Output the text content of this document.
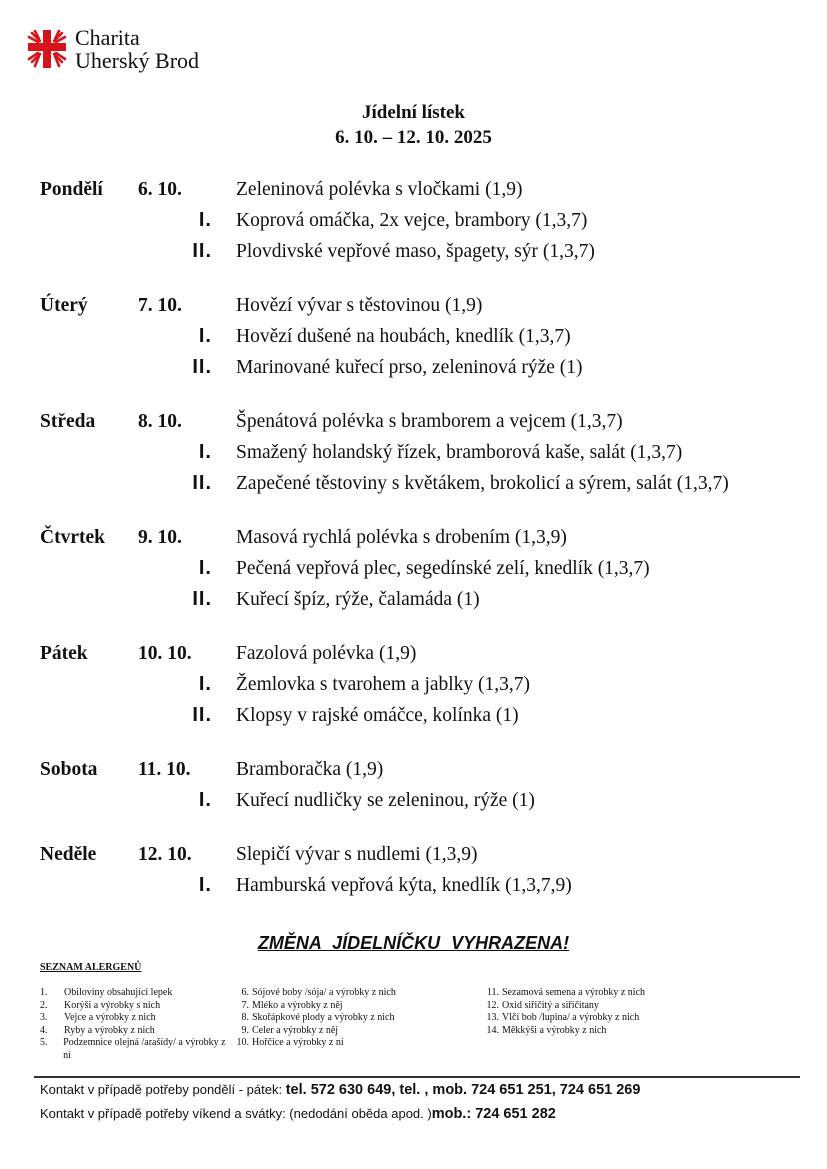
Charita
Uherský Brod
Jídelní lístek
6. 10. – 12. 10. 2025
Pondělí	6. 10.	Zeleninová polévka s vločkami (1,9)
I.	Koprová omáčka, 2x vejce, brambory (1,3,7)
II.	Plovdivské vepřové maso, špagety, sýr (1,3,7)
Úterý	7. 10.	Hovězí vývar s těstovinou (1,9)
I.	Hovězí dušené na houbách, knedlík (1,3,7)
II.	Marinované kuřecí prso, zeleninová rýže (1)
Středa	8. 10.	Špenátová polévka s bramborem a vejcem (1,3,7)
I.	Smažený holandský řízek, bramborová kaše, salát (1,3,7)
II.	Zapečené těstoviny s květákem, brokolicí a sýrem, salát (1,3,7)
Čtvrtek	9. 10.	Masová rychlá polévka s drobením (1,3,9)
I.	Pečená vepřová plec, segedínské zelí, knedlík (1,3,7)
II.	Kuřecí špíz, rýže, čalamáda (1)
Pátek	10. 10.	Fazolová polévka (1,9)
I.	Žemlovka s tvarohem a jablky (1,3,7)
II.	Klopsy v rajské omáčce, kolínka (1)
Sobota	11. 10.	Bramboračka (1,9)
I.	Kuřecí nudličky se zeleninou, rýže (1)
Neděle	12. 10.	Slepičí vývar s nudlemi (1,3,9)
I.	Hamburská vepřová kýta, knedlík (1,3,7,9)
ZMĚNA JÍDELNÍČKU VYHRAZENA!
SEZNAM ALERGENŮ
1.	Obiloviny obsahující lepek
2.	Korýši a výrobky s nich
3.	Vejce a výrobky z nich
4.	Ryby a výrobky z nich
5.	Podzemnice olejná /arašídy/ a výrobky z ní
6. Sójové boby /sója/ a výrobky z nich
7. Mléko a výrobky z něj
8. Skořápkové plody a výrobky z nich
9. Celer a výrobky z něj
10. Hořčice a výrobky z ní
11. Sezamová semena a výrobky z nich
12. Oxid siřičitý a siřičitany
13. Vlčí bob /lupina/ a výrobky z nich
14. Měkkýši a výrobky z nich
Kontakt v případě potřeby pondělí - pátek: tel. 572 630 649, tel. , mob. 724 651 251, 724 651 269
Kontakt v případě potřeby víkend a svátky: (nedodání oběda apod. )mob.: 724 651 282
